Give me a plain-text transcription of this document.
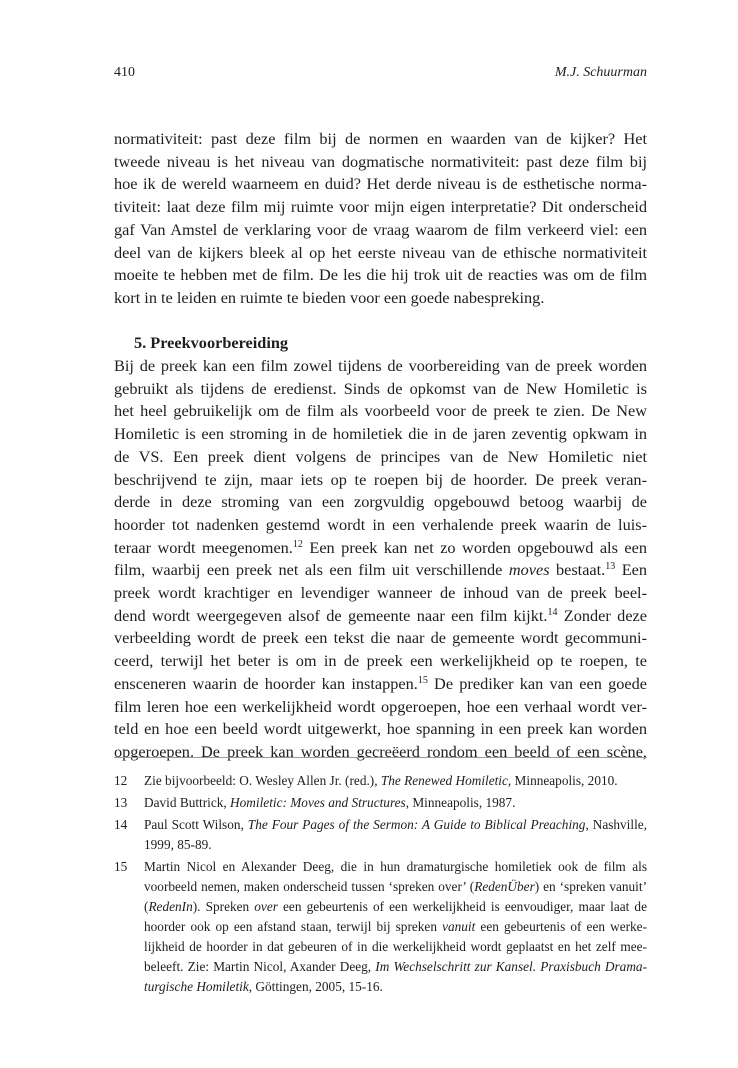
410	M.J. Schuurman
normativiteit: past deze film bij de normen en waarden van de kijker? Het
tweede niveau is het niveau van dogmatische normativiteit: past deze film bij
hoe ik de wereld waarneem en duid? Het derde niveau is de esthetische norma-
tiviteit: laat deze film mij ruimte voor mijn eigen interpretatie? Dit onderscheid
gaf Van Amstel de verklaring voor de vraag waarom de film verkeerd viel: een
deel van de kijkers bleek al op het eerste niveau van de ethische normativiteit
moeite te hebben met de film. De les die hij trok uit de reacties was om de film
kort in te leiden en ruimte te bieden voor een goede nabespreking.
5. Preekvoorbereiding
Bij de preek kan een film zowel tijdens de voorbereiding van de preek worden
gebruikt als tijdens de eredienst. Sinds de opkomst van de New Homiletic is
het heel gebruikelijk om de film als voorbeeld voor de preek te zien. De New
Homiletic is een stroming in de homiletiek die in de jaren zeventig opkwam in
de VS. Een preek dient volgens de principes van de New Homiletic niet
beschrijvend te zijn, maar iets op te roepen bij de hoorder. De preek veran-
derde in deze stroming van een zorgvuldig opgebouwd betoog waarbij de
hoorder tot nadenken gestemd wordt in een verhalende preek waarin de luis-
teraar wordt meegenomen.$^{12}$ Een preek kan net zo worden opgebouwd als een
film, waarbij een preek net als een film uit verschillende moves bestaat.$^{13}$ Een
preek wordt krachtiger en levendiger wanneer de inhoud van de preek beel-
dend wordt weergegeven alsof de gemeente naar een film kijkt.$^{14}$ Zonder deze
verbeelding wordt de preek een tekst die naar de gemeente wordt gecommuni-
ceerd, terwijl het beter is om in de preek een werkelijkheid op te roepen, te
ensceneren waarin de hoorder kan instappen.$^{15}$ De prediker kan van een goede
film leren hoe een werkelijkheid wordt opgeroepen, hoe een verhaal wordt ver-
teld en hoe een beeld wordt uitgewerkt, hoe spanning in een preek kan worden
opgeroepen. De preek kan worden gecreëerd rondom een beeld of een scène,
12 Zie bijvoorbeeld: O. Wesley Allen Jr. (red.), The Renewed Homiletic, Minneapolis, 2010.
13 David Buttrick, Homiletic: Moves and Structures, Minneapolis, 1987.
14 Paul Scott Wilson, The Four Pages of the Sermon: A Guide to Biblical Preaching, Nashville,
1999, 85-89.
15 Martin Nicol en Alexander Deeg, die in hun dramaturgische homiletiek ook de film als
voorbeeld nemen, maken onderscheid tussen ‘spreken over’ (RedenÜber) en ‘spreken vanuit’
(RedenIn). Spreken over een gebeurtenis of een werkelijkheid is eenvoudiger, maar laat de
hoorder ook op een afstand staan, terwijl bij spreken vanuit een gebeurtenis of een werke-
lijkheid de hoorder in dat gebeuren of in die werkelijkheid wordt geplaatst en het zelf mee-
beleeft. Zie: Martin Nicol, Axander Deeg, Im Wechselschritt zur Kansel. Praxisbuch Drama-
turgische Homiletik, Göttingen, 2005, 15-16.
